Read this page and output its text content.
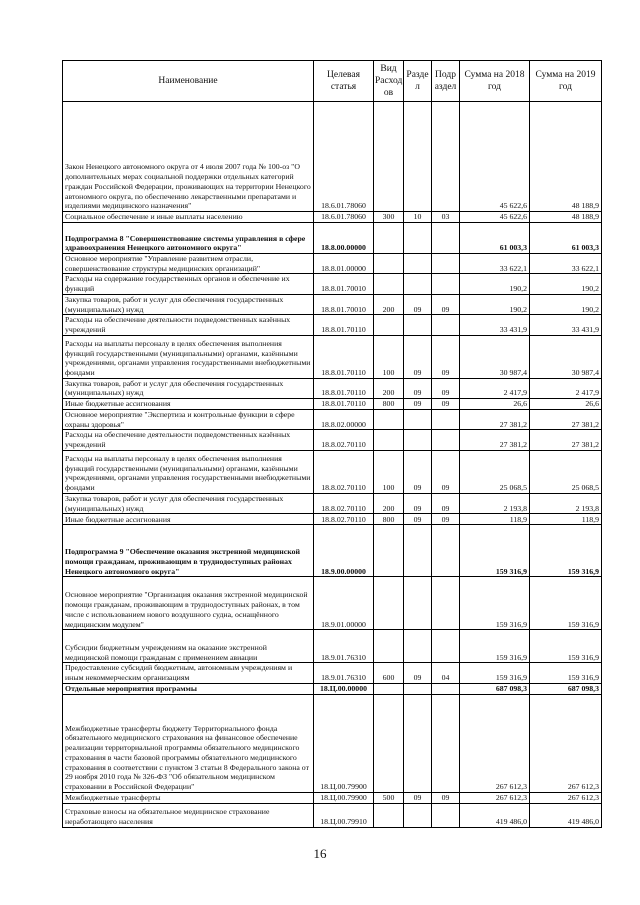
Наименование	Целевая статья	Вид Расход ов	Разде л	Подр аздел	Сумма на 2018 год	Сумма на 2019 год
Закон Ненецкого автономного округа от 4 июля 2007 года № 100-оз "О дополнительных мерах социальной поддержки отдельных категорий граждан Российской Федерации, проживающих на территории Ненецкого автономного округа, по обеспечению лекарственными препаратами и изделиями медицинского назначения"	18.6.01.78060				45 622,6	48 188,9
Социальное обеспечение и иные выплаты населению	18.6.01.78060	300	10	03	45 622,6	48 188,9
Подпрограмма 8 "Совершенствование системы управления в сфере здравоохранения Ненецкого автономного округа"	18.8.00.00000				61 003,3	61 003,3
Основное мероприятие "Управление развитием отрасли, совершенствование структуры медицинских организаций"	18.8.01.00000				33 622,1	33 622,1
Расходы на содержание государственных органов и обеспечение их функций	18.8.01.70010				190,2	190,2
Закупка товаров, работ и услуг для обеспечения государственных (муниципальных) нужд	18.8.01.70010	200	09	09	190,2	190,2
Расходы на обеспечение деятельности подведомственных казённых учреждений	18.8.01.70110				33 431,9	33 431,9
Расходы на выплаты персоналу в целях обеспечения выполнения функций государственными (муниципальными) органами, казёнными учреждениями, органами управления государственными внебюджетными фондами	18.8.01.70110	100	09	09	30 987,4	30 987,4
Закупка товаров, работ и услуг для обеспечения государственных (муниципальных) нужд	18.8.01.70110	200	09	09	2 417,9	2 417,9
Иные бюджетные ассигнования	18.8.01.70110	800	09	09	26,6	26,6
Основное мероприятие "Экспертиза и контрольные функции в сфере охраны здоровья"	18.8.02.00000				27 381,2	27 381,2
Расходы на обеспечение деятельности подведомственных казённых учреждений	18.8.02.70110				27 381,2	27 381,2
Расходы на выплаты персоналу в целях обеспечения выполнения функций государственными (муниципальными) органами, казёнными учреждениями, органами управления государственными внебюджетными фондами	18.8.02.70110	100	09	09	25 068,5	25 068,5
Закупка товаров, работ и услуг для обеспечения государственных (муниципальных) нужд	18.8.02.70110	200	09	09	2 193,8	2 193,8
Иные бюджетные ассигнования	18.8.02.70110	800	09	09	118,9	118,9
Подпрограмма 9 "Обеспечение оказания экстренной медицинской помощи гражданам, проживающим в труднодоступных районах Ненецкого автономного округа"	18.9.00.00000				159 316,9	159 316,9
Основное мероприятие "Организация оказания экстренной медицинской помощи гражданам, проживающим в труднодоступных районах, в том числе с использованием нового воздушного судна, оснащённого медицинским модулем"	18.9.01.00000				159 316,9	159 316,9
Субсидии бюджетным учреждениям на оказание экстренной медицинской помощи гражданам с применением авиации	18.9.01.76310				159 316,9	159 316,9
Предоставление субсидий бюджетным, автономным учреждениям и иным некоммерческим организациям	18.9.01.76310	600	09	04	159 316,9	159 316,9
Отдельные мероприятия программы	18.Ц.00.00000				687 098,3	687 098,3
Межбюджетные трансферты бюджету Территориального фонда обязательного медицинского страхования на финансовое обеспечение реализации территориальной программы обязательного медицинского страхования в части базовой программы обязательного медицинского страхования в соответствии с пунктом 3 статьи 8 Федерального закона от 29 ноября 2010 года № 326-ФЗ "Об обязательном медицинском страховании в Российской Федерации"	18.Ц.00.79900				267 612,3	267 612,3
Межбюджетные трансферты	18.Ц.00.79900	500	09	09	267 612,3	267 612,3
Страховые взносы на обязательное медицинское страхование неработающего населения	18.Ц.00.79910				419 486,0	419 486,0
16
